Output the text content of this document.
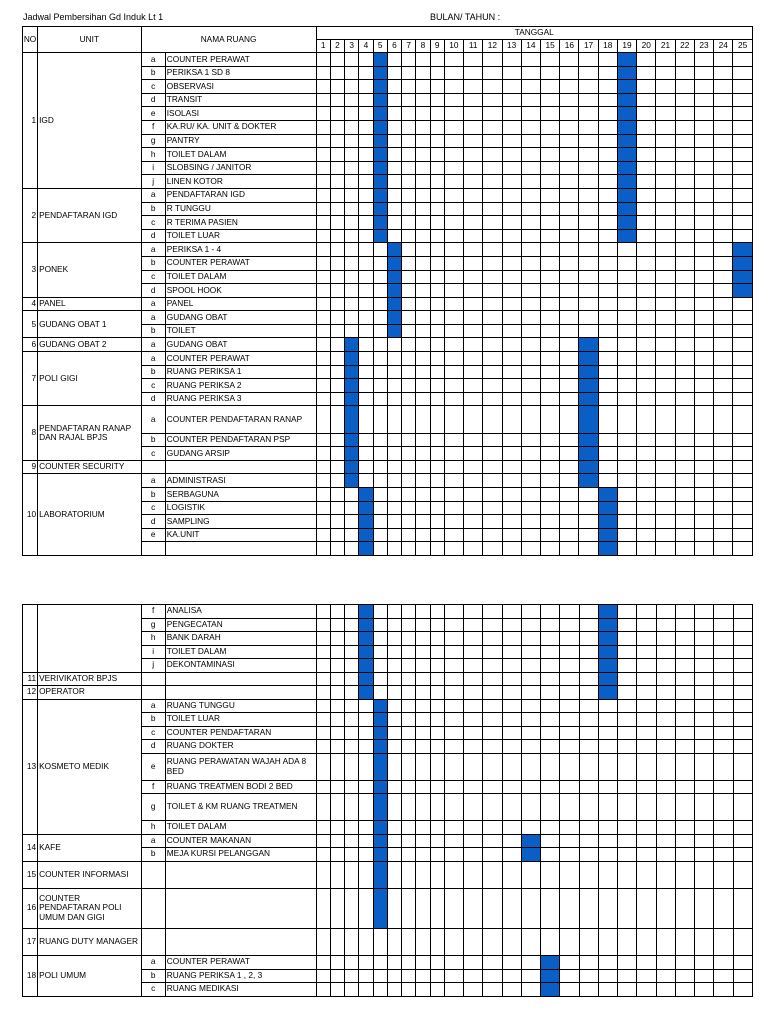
Jadwal Pembersihan Gd Induk Lt 1	BULAN/ TAHUN :
NO	UNIT	NAMA RUANG		TANGGAL																								
				1	2	3	4	5	6	7	8	9	10	11	12	13	14	15	16	17	18	19	20	21	22	23	24	25
1	IGD	a	COUNTER PERAWAT																									
		b	PERIKSA 1 SD 8																									
		c	OBSERVASI																									
		d	TRANSIT																									
		e	ISOLASI																									
		f	KA.RU/ KA. UNIT & DOKTER																									
		g	PANTRY																									
		h	TOILET DALAM																									
		i	SLOBSING / JANITOR																									
		j	LINEN KOTOR																									
2	PENDAFTARAN IGD	a	PENDAFTARAN IGD																									
		b	R TUNGGU																									
		c	R TERIMA PASIEN																									
		d	TOILET LUAR																									
3	PONEK	a	PERIKSA 1 - 4																									
		b	COUNTER PERAWAT																									
		c	TOILET DALAM																									
		d	SPOOL HOOK																									
4	PANEL	a	PANEL																									
5	GUDANG OBAT 1	a	GUDANG OBAT																									
		b	TOILET																									
6	GUDANG OBAT 2	a	GUDANG OBAT																									
7	POLI GIGI	a	COUNTER PERAWAT																									
		b	RUANG PERIKSA 1																									
		c	RUANG PERIKSA 2																									
		d	RUANG PERIKSA 3																									
8	PENDAFTARAN RANAP DAN RAJAL BPJS	a	COUNTER PENDAFTARAN RANAP																									
		b	COUNTER PENDAFTARAN PSP																									
		c	GUDANG ARSIP																									
9	COUNTER SECURITY																											
10	LABORATORIUM	a	ADMINISTRASI																									
		b	SERBAGUNA																									
		c	LOGISTIK																									
		d	SAMPLING																									
		e	KA.UNIT																									

		f	ANALISA																									
		g	PENGECATAN																									
		h	BANK DARAH																									
		i	TOILET DALAM																									
		j	DEKONTAMINASI																									
11	VERIVIKATOR BPJS																											
12	OPERATOR																											
13	KOSMETO MEDIK	a	RUANG TUNGGU																									
		b	TOILET LUAR																									
		c	COUNTER PENDAFTARAN																									
		d	RUANG DOKTER																									
		e	RUANG PERAWATAN WAJAH ADA 8 BED																									
		f	RUANG TREATMEN BODI 2 BED																									
		g	TOILET & KM RUANG TREATMEN																									
		h	TOILET DALAM																									
14	KAFE	a	COUNTER MAKANAN																									
		b	MEJA KURSI PELANGGAN																									
15	COUNTER INFORMASI																											
16	COUNTER PENDAFTARAN POLI UMUM DAN GIGI																											
17	RUANG DUTY MANAGER																											
18	POLI UMUM	a	COUNTER PERAWAT																									
		b	RUANG PERIKSA 1 , 2, 3																									
		c	RUANG MEDIKASI																									
